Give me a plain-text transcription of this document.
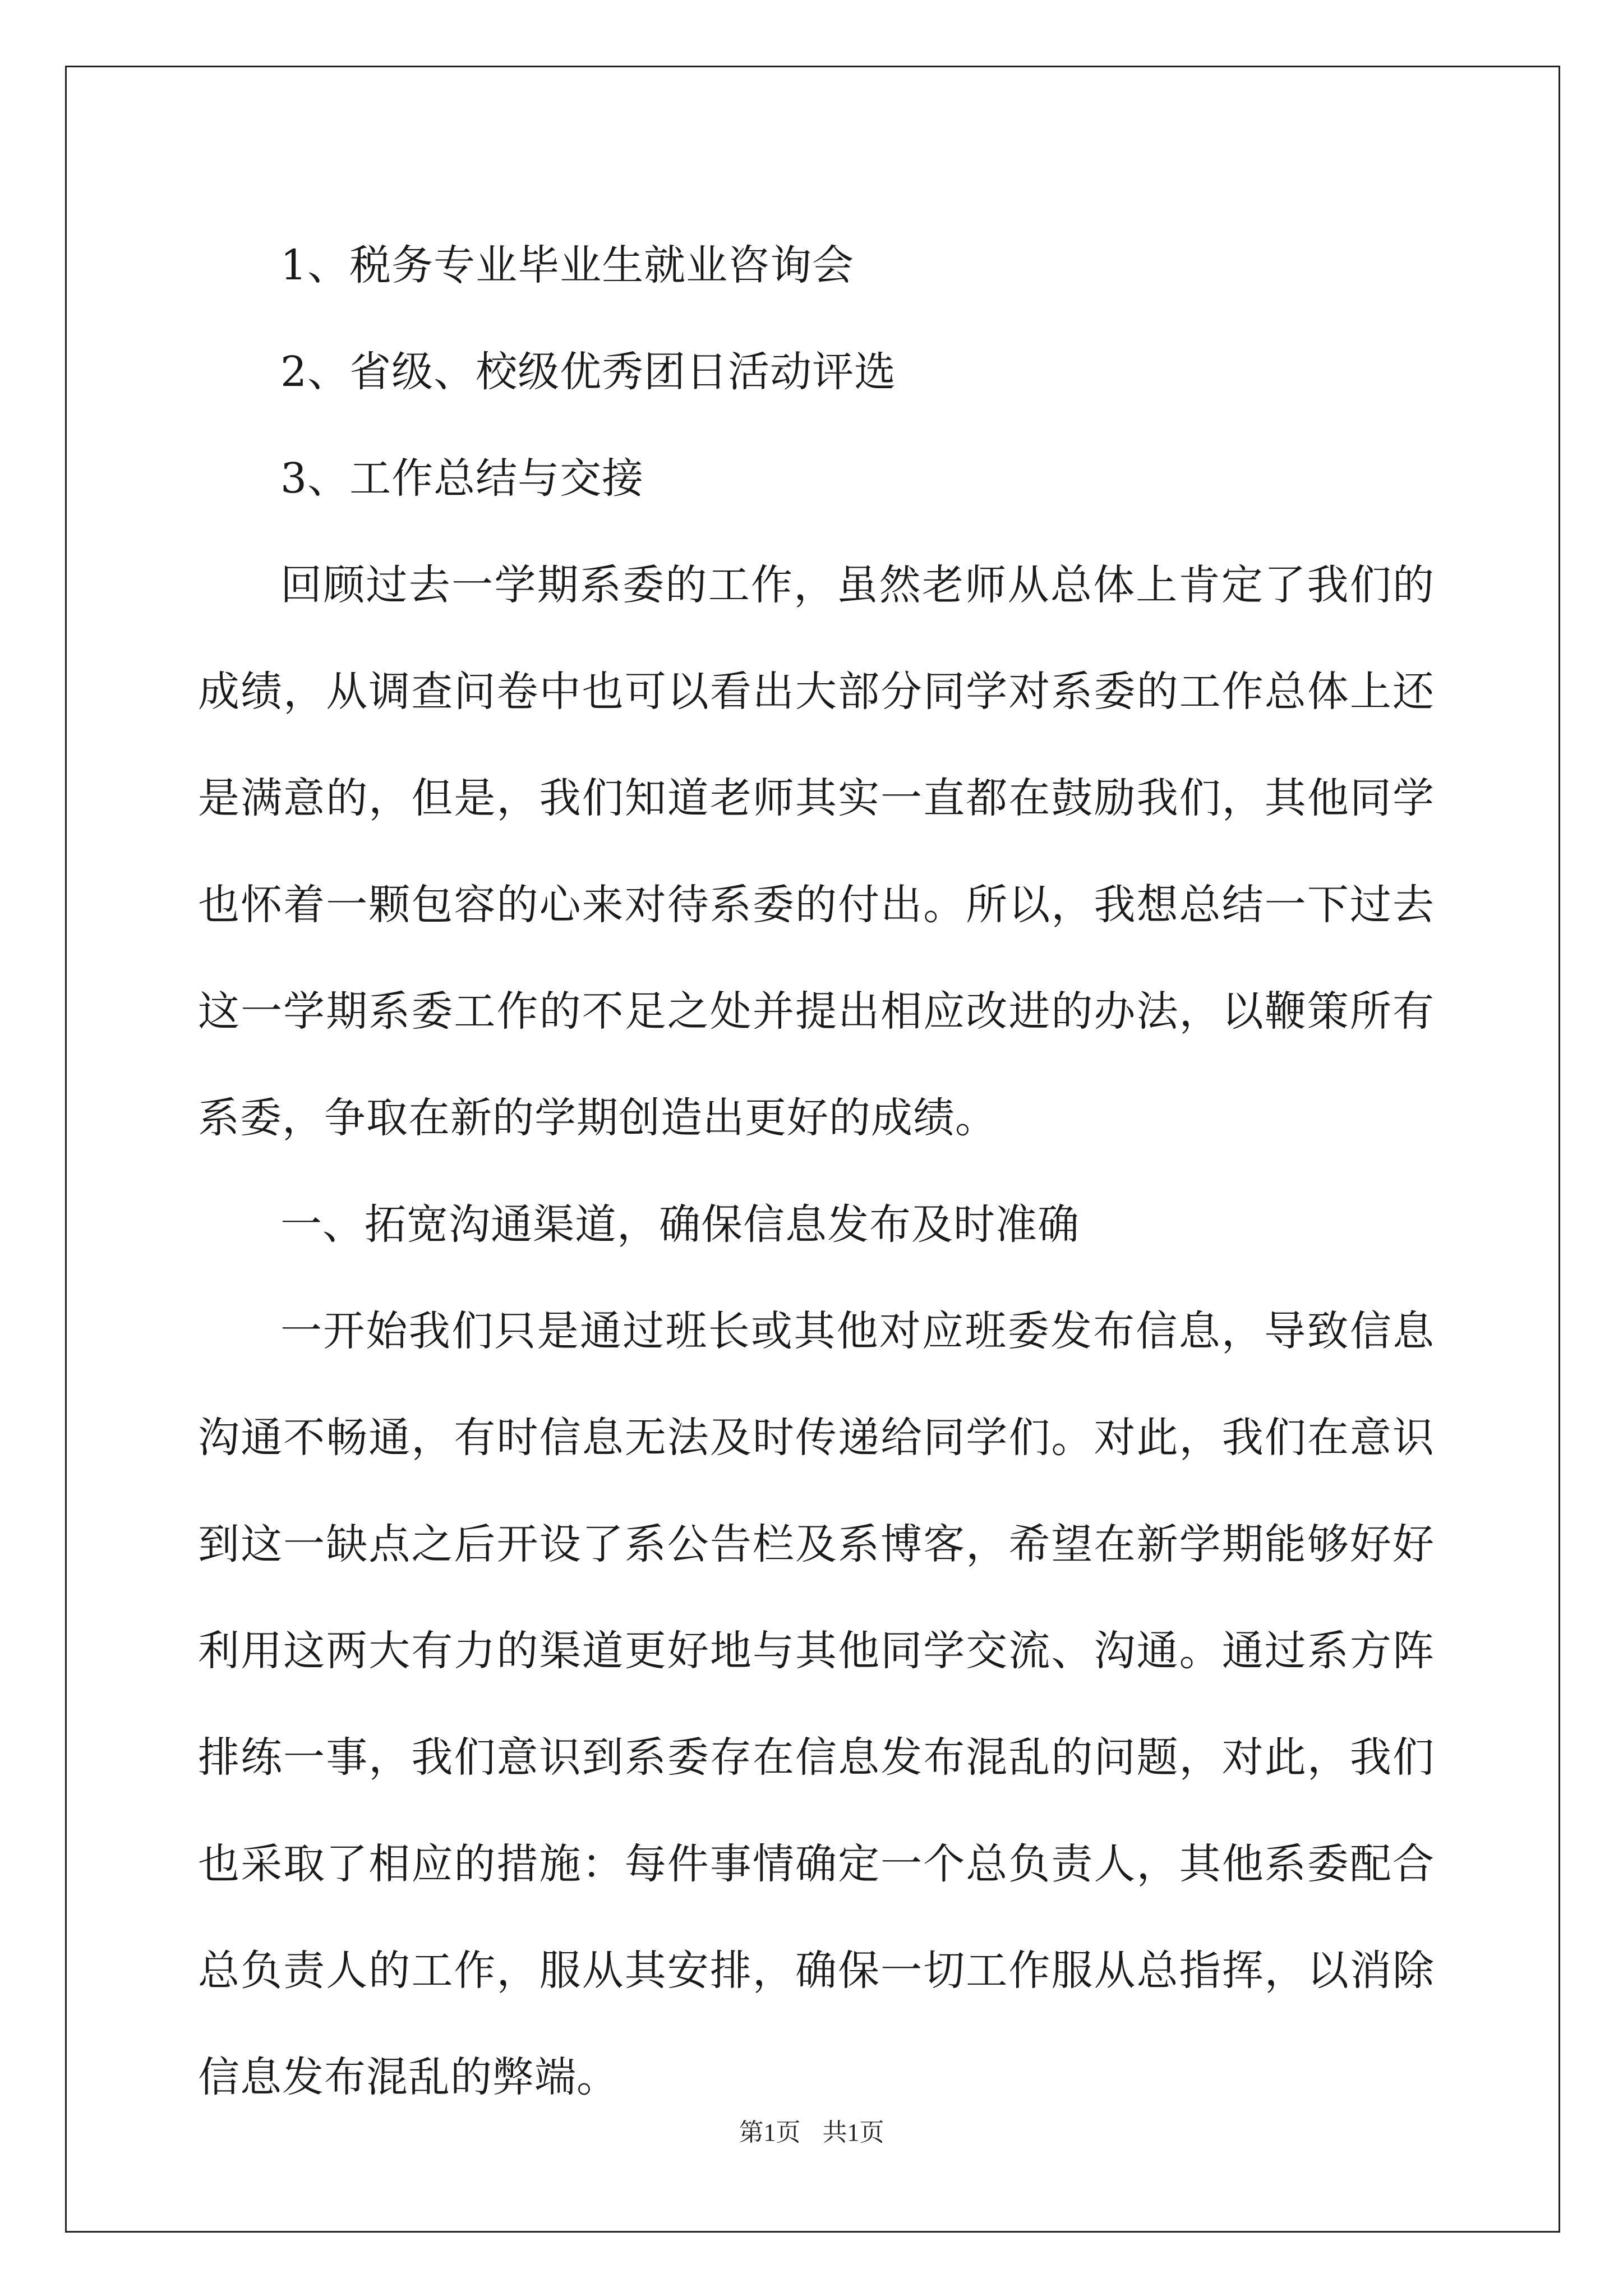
1、税务专业毕业生就业咨询会

2、省级、校级优秀团日活动评选

3、工作总结与交接

回顾过去一学期系委的工作，虽然老师从总体上肯定了我们的成绩，从调查问卷中也可以看出大部分同学对系委的工作总体上还是满意的，但是，我们知道老师其实一直都在鼓励我们，其他同学也怀着一颗包容的心来对待系委的付出。所以，我想总结一下过去这一学期系委工作的不足之处并提出相应改进的办法，以鞭策所有系委，争取在新的学期创造出更好的成绩。

一、拓宽沟通渠道，确保信息发布及时准确

一开始我们只是通过班长或其他对应班委发布信息，导致信息沟通不畅通，有时信息无法及时传递给同学们。对此，我们在意识到这一缺点之后开设了系公告栏及系博客，希望在新学期能够好好利用这两大有力的渠道更好地与其他同学交流、沟通。通过系方阵排练一事，我们意识到系委存在信息发布混乱的问题，对此，我们也采取了相应的措施：每件事情确定一个总负责人，其他系委配合总负责人的工作，服从其安排，确保一切工作服从总指挥，以消除信息发布混乱的弊端。

第1页 共1页
